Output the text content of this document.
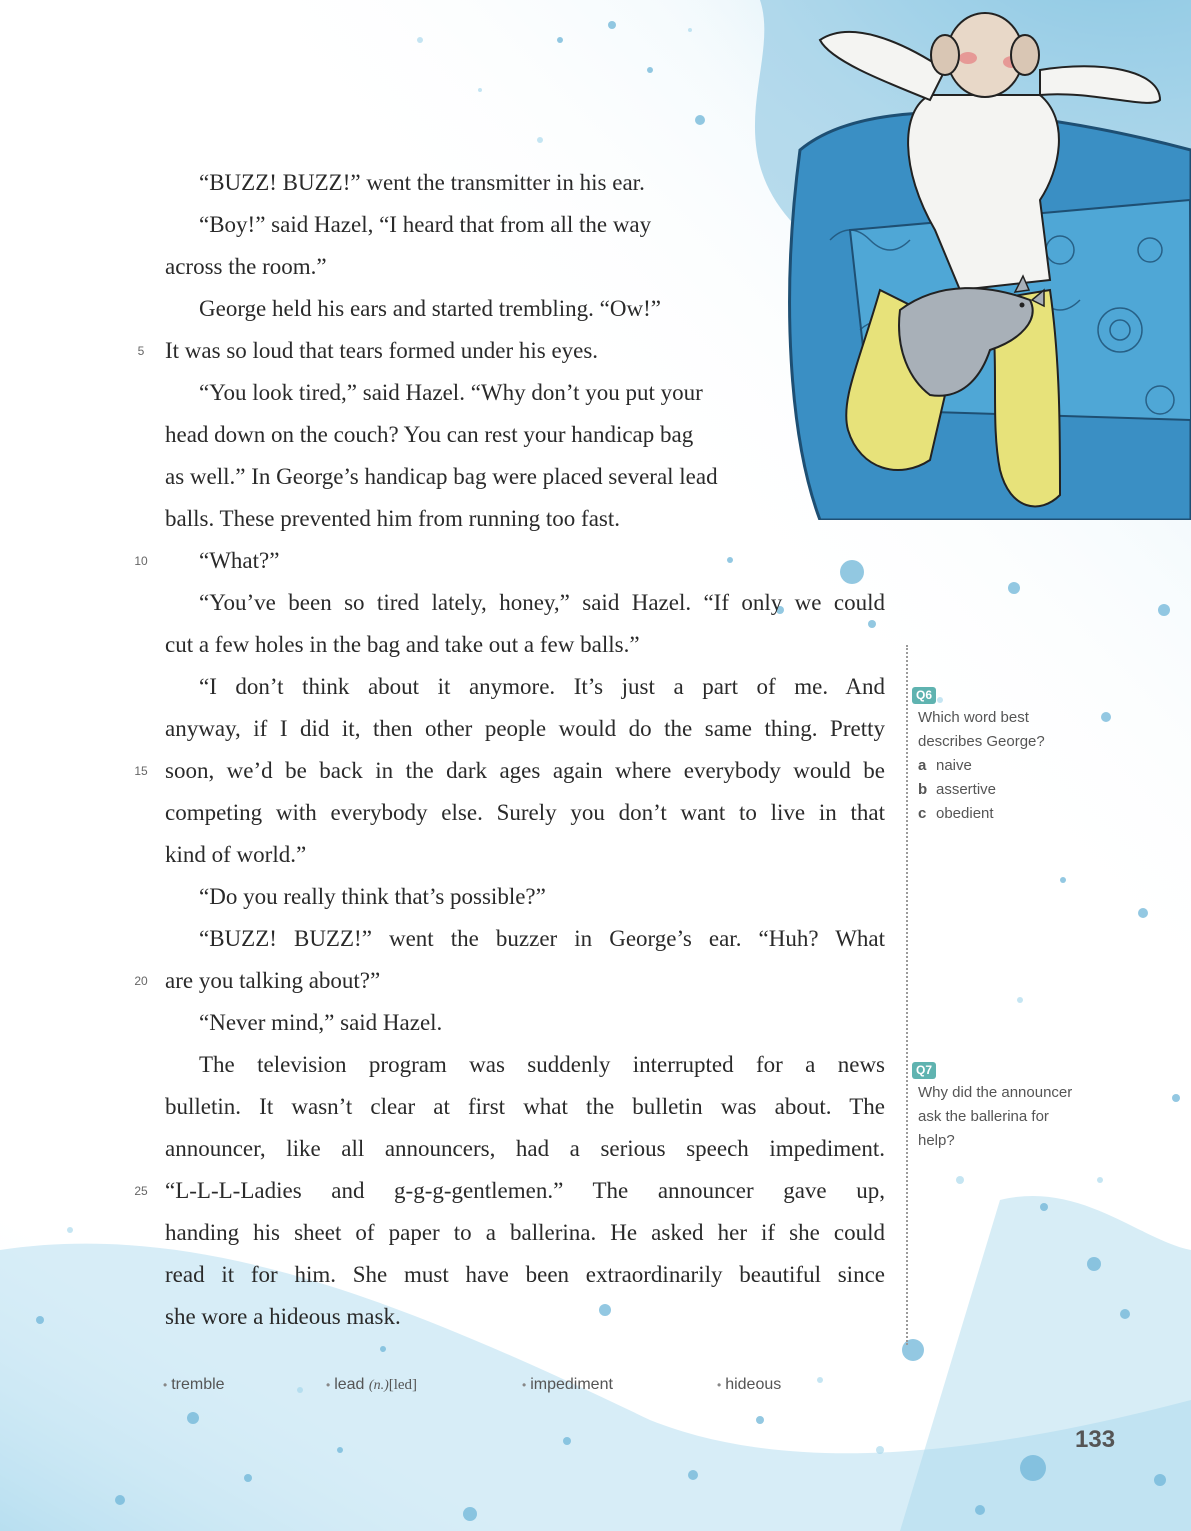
“BUZZ! BUZZ!” went the transmitter in his ear.
“Boy!” said Hazel, “I heard that from all the way
across the room.”
George held his ears and started trembling. “Ow!”
5 It was so loud that tears formed under his eyes.
“You look tired,” said Hazel. “Why don’t you put your
head down on the couch? You can rest your handicap bag
as well.” In George’s handicap bag were placed several lead
balls. These prevented him from running too fast.
10 “What?”
“You’ve been so tired lately, honey,” said Hazel. “If only we could
cut a few holes in the bag and take out a few balls.”
“I don’t think about it anymore. It’s just a part of me. And
anyway, if I did it, then other people would do the same thing. Pretty
15 soon, we’d be back in the dark ages again where everybody would be
competing with everybody else. Surely you don’t want to live in that
kind of world.”
“Do you really think that’s possible?”
“BUZZ! BUZZ!” went the buzzer in George’s ear. “Huh? What
20 are you talking about?”
“Never mind,” said Hazel.
The television program was suddenly interrupted for a news
bulletin. It wasn’t clear at first what the bulletin was about. The
announcer, like all announcers, had a serious speech impediment.
25 “L-L-L-Ladies and g-g-g-gentlemen.” The announcer gave up,
handing his sheet of paper to a ballerina. He asked her if she could
read it for him. She must have been extraordinarily beautiful since
she wore a hideous mask.
Q6
Which word best
describes George?
a naive
b assertive
c obedient
Q7
Why did the announcer
ask the ballerina for
help?
• tremble	• lead (n.)[led]	• impediment	• hideous
133
